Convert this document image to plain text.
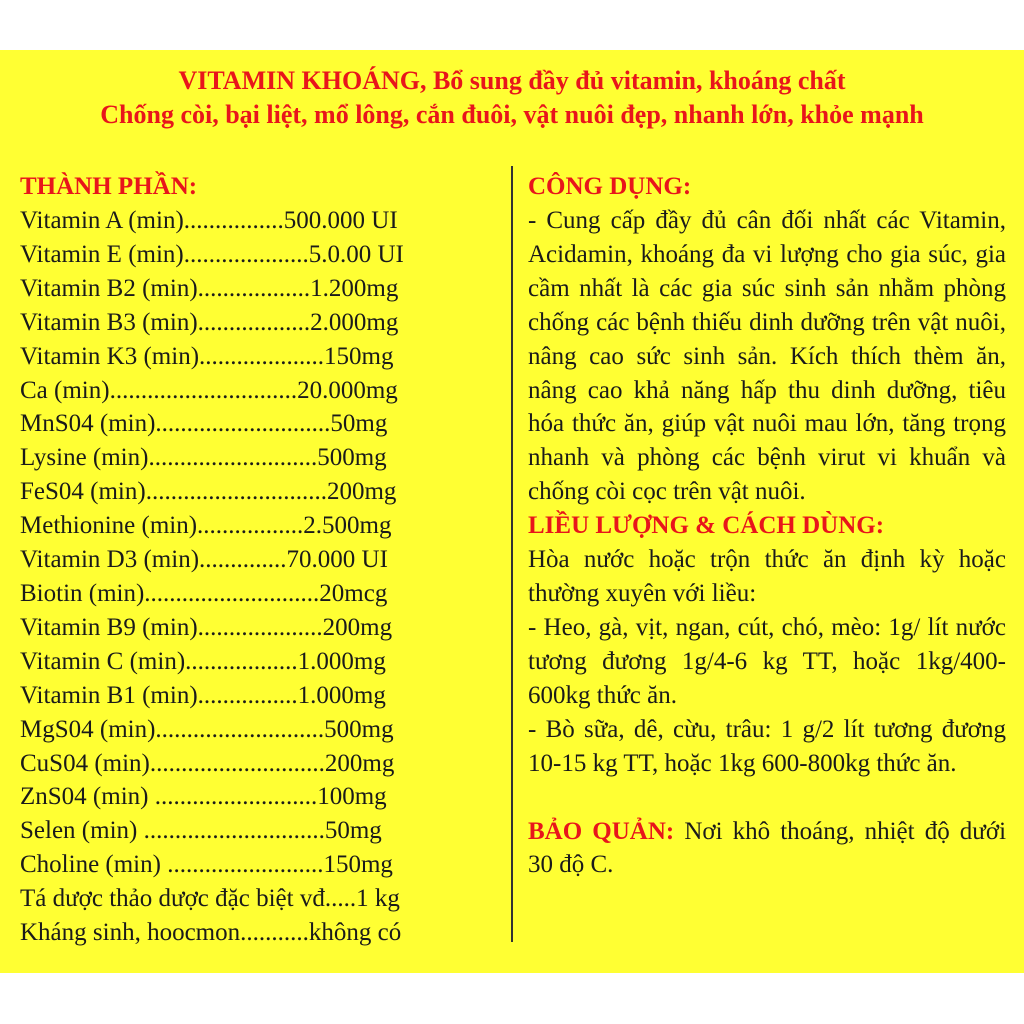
VITAMIN KHOÁNG, Bổ sung đầy đủ vitamin, khoáng chất
Chống còi, bại liệt, mổ lông, cắn đuôi, vật nuôi đẹp, nhanh lớn, khỏe mạnh

THÀNH PHẦN:

Vitamin A (min)................500.000 UI

Vitamin E (min)....................5.0.00 UI

Vitamin B2 (min)..................1.200mg

Vitamin B3 (min)..................2.000mg

Vitamin K3 (min)....................150mg

Ca (min)..............................20.000mg

MnS04 (min)............................50mg

Lysine (min)...........................500mg

FeS04 (min).............................200mg

Methionine (min).................2.500mg

Vitamin D3 (min)..............70.000 UI

Biotin (min)............................20mcg

Vitamin B9 (min)....................200mg

Vitamin C (min)..................1.000mg

Vitamin B1 (min)................1.000mg

MgS04 (min)...........................500mg

CuS04 (min)............................200mg

ZnS04 (min) ..........................100mg

Selen (min) .............................50mg

Choline (min) .........................150mg

Tá dược thảo dược đặc biệt vđ.....1 kg

Kháng sinh, hoocmon...........không có

CÔNG DỤNG:

- Cung cấp đầy đủ cân đối nhất các Vitamin, Acidamin, khoáng đa vi lượng cho gia súc, gia cầm nhất là các gia súc sinh sản nhằm phòng chống các bệnh thiếu dinh dưỡng trên vật nuôi, nâng cao sức sinh sản. Kích thích thèm ăn, nâng cao khả năng hấp thu dinh dưỡng, tiêu hóa thức ăn, giúp vật nuôi mau lớn, tăng trọng nhanh và phòng các bệnh virut vi khuẩn và chống còi cọc trên vật nuôi.

LIỀU LƯỢNG & CÁCH DÙNG:

Hòa nước hoặc trộn thức ăn định kỳ hoặc thường xuyên với liều:

- Heo, gà, vịt, ngan, cút, chó, mèo: 1g/ lít nước tương đương 1g/4-6 kg TT, hoặc 1kg/400-600kg thức ăn.

- Bò sữa, dê, cừu, trâu: 1 g/2 lít tương đương 10-15 kg TT, hoặc 1kg 600-800kg thức ăn.

BẢO QUẢN: Nơi khô thoáng, nhiệt độ dưới 30 độ C.
